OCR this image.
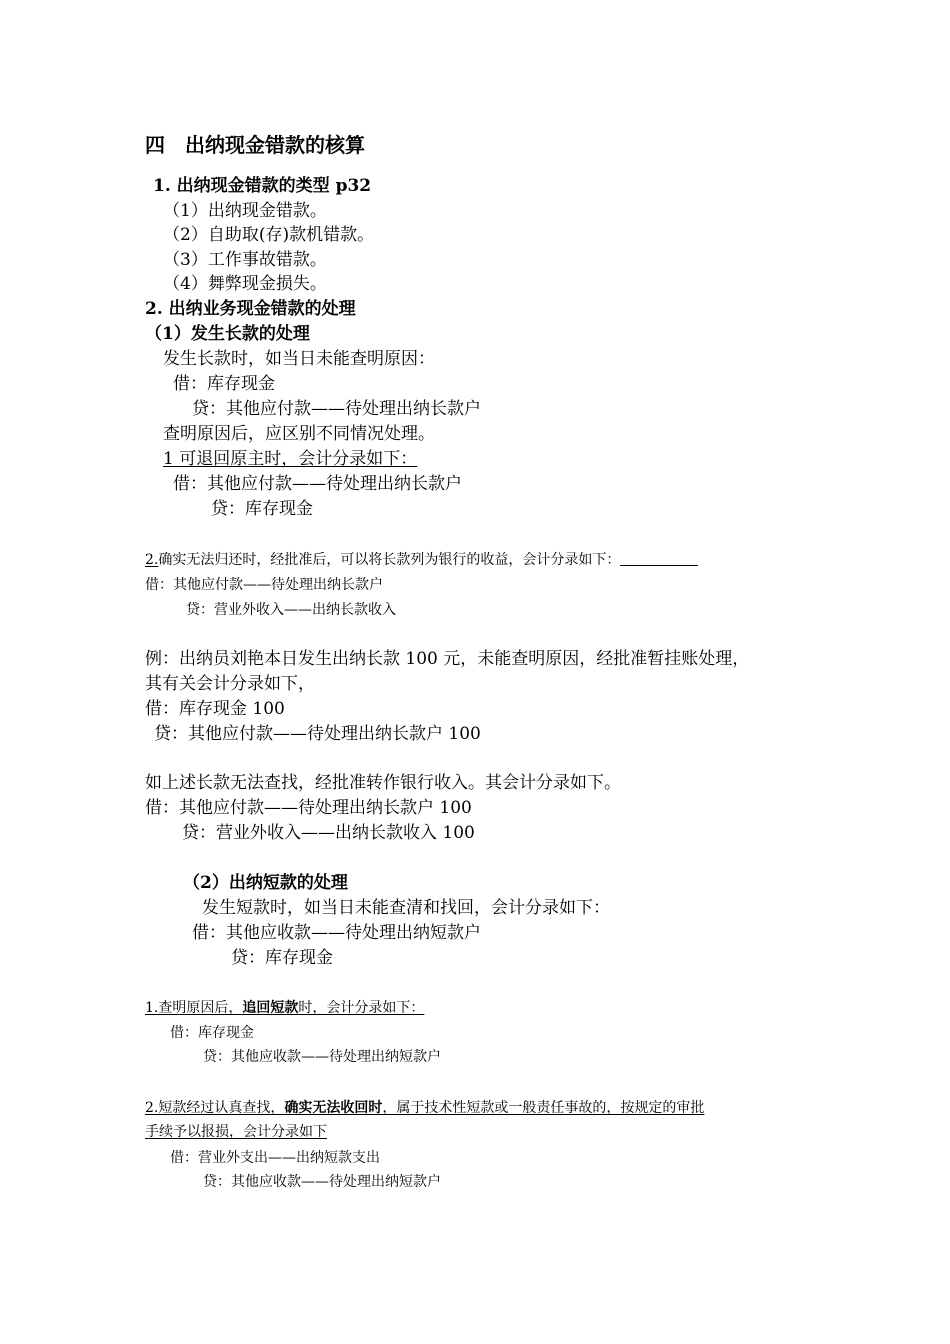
四　出纳现金错款的核算
1. 出纳现金错款的类型 p32
（1）出纳现金错款。
（2）自助取(存)款机错款。
（3）工作事故错款。
（4）舞弊现金损失。
2. 出纳业务现金错款的处理
（1）发生长款的处理
发生长款时，如当日未能查明原因：
借：库存现金
贷：其他应付款——待处理出纳长款户
查明原因后，应区别不同情况处理。
1 可退回原主时，会计分录如下：
借：其他应付款——待处理出纳长款户
贷：库存现金
2.确实无法归还时，经批准后，可以将长款列为银行的收益，会计分录如下：
借：其他应付款——待处理出纳长款户
贷：营业外收入——出纳长款收入
例：出纳员刘艳本日发生出纳长款 100 元，未能查明原因，经批准暂挂账处理，
其有关会计分录如下，
借：库存现金 100
贷：其他应付款——待处理出纳长款户 100
如上述长款无法查找，经批准转作银行收入。其会计分录如下。
借：其他应付款——待处理出纳长款户 100
贷：营业外收入——出纳长款收入 100
（2）出纳短款的处理
发生短款时，如当日未能查清和找回，会计分录如下：
借：其他应收款——待处理出纳短款户
贷：库存现金
1.查明原因后，追回短款时，会计分录如下：
借：库存现金
贷：其他应收款——待处理出纳短款户
2.短款经过认真查找，确实无法收回时，属于技术性短款或一般责任事故的，按规定的审批
手续予以报损，会计分录如下
借：营业外支出——出纳短款支出
贷：其他应收款——待处理出纳短款户
